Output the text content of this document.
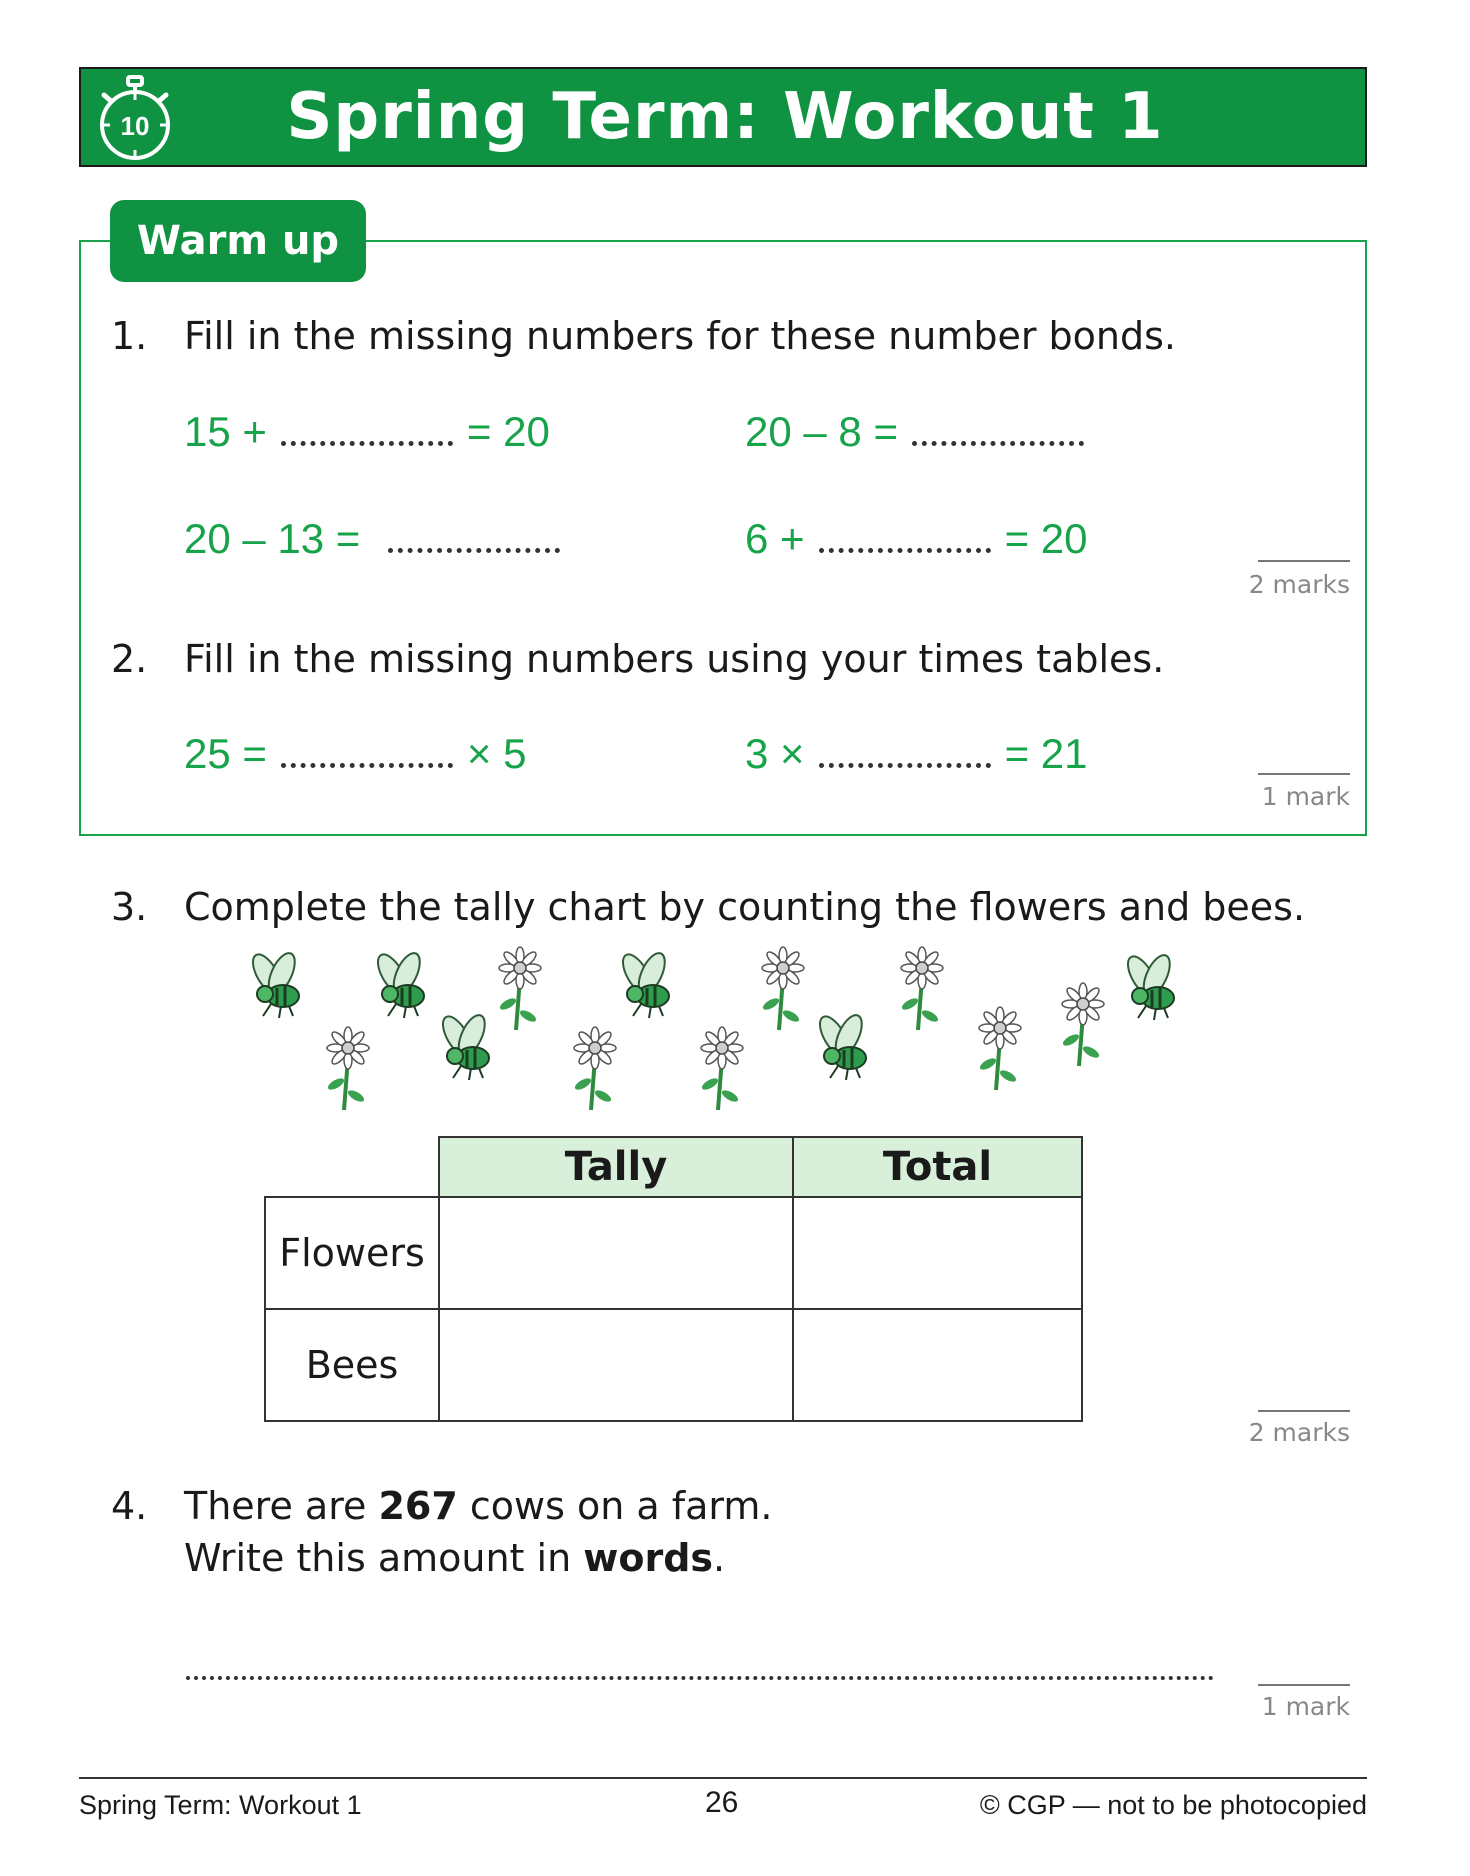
10	Spring Term: Workout 1
Warm up
1. Fill in the missing numbers for these number bonds.
15 +	= 20	20 – 8 =
20 – 13 =	6 +	= 20
2 marks
2. Fill in the missing numbers using your times tables.
25 =	× 5	3 ×	= 21
1 mark
3. Complete the tally chart by counting the flowers and bees.
	Tally	Total
Flowers		
Bees		
2 marks
4. There are 267 cows on a farm.
Write this amount in words.
1 mark
Spring Term: Workout 1	26	© CGP — not to be photocopied
